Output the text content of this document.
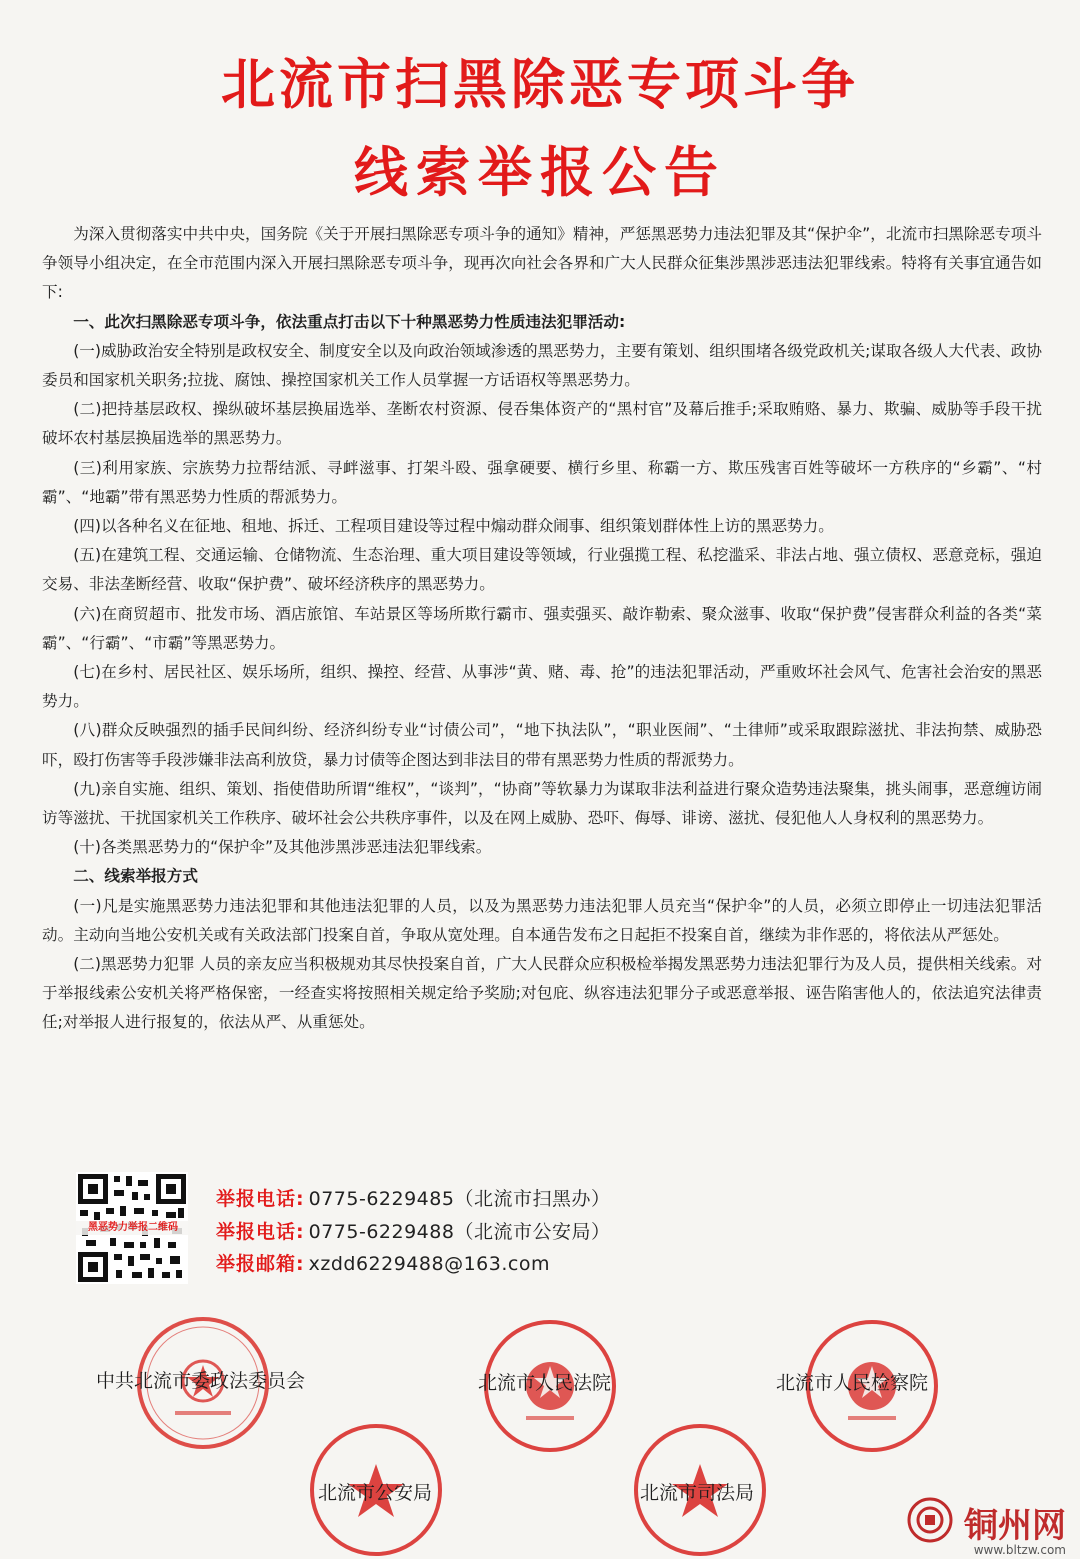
北流市扫黑除恶专项斗争
线索举报公告

为深入贯彻落实中共中央，国务院《关于开展扫黑除恶专项斗争的通知》精神，严惩黑恶势力违法犯罪及其“保护伞”，北流市扫黑除恶专项斗争领导小组决定，在全市范围内深入开展扫黑除恶专项斗争，现再次向社会各界和广大人民群众征集涉黑涉恶违法犯罪线索。特将有关事宜通告如下:

一、此次扫黑除恶专项斗争，依法重点打击以下十种黑恶势力性质违法犯罪活动:

(一)威胁政治安全特别是政权安全、制度安全以及向政治领域渗透的黑恶势力，主要有策划、组织围堵各级党政机关;谋取各级人大代表、政协委员和国家机关职务;拉拢、腐蚀、操控国家机关工作人员掌握一方话语权等黑恶势力。

(二)把持基层政权、操纵破坏基层换届选举、垄断农村资源、侵吞集体资产的“黑村官”及幕后推手;采取贿赂、暴力、欺骗、威胁等手段干扰破坏农村基层换届选举的黑恶势力。

(三)利用家族、宗族势力拉帮结派、寻衅滋事、打架斗殴、强拿硬要、横行乡里、称霸一方、欺压残害百姓等破坏一方秩序的“乡霸”、“村霸”、“地霸”带有黑恶势力性质的帮派势力。

(四)以各种名义在征地、租地、拆迁、工程项目建设等过程中煽动群众闹事、组织策划群体性上访的黑恶势力。

(五)在建筑工程、交通运输、仓储物流、生态治理、重大项目建设等领域，行业强揽工程、私挖滥采、非法占地、强立债权、恶意竞标，强迫交易、非法垄断经营、收取“保护费”、破坏经济秩序的黑恶势力。

(六)在商贸超市、批发市场、酒店旅馆、车站景区等场所欺行霸市、强卖强买、敲诈勒索、聚众滋事、收取“保护费”侵害群众利益的各类“菜霸”、“行霸”、“市霸”等黑恶势力。

(七)在乡村、居民社区、娱乐场所，组织、操控、经营、从事涉“黄、赌、毒、抢”的违法犯罪活动，严重败坏社会风气、危害社会治安的黑恶势力。

(八)群众反映强烈的插手民间纠纷、经济纠纷专业“讨债公司”，“地下执法队”，“职业医闹”、“土律师”或采取跟踪滋扰、非法拘禁、威胁恐吓，殴打伤害等手段涉嫌非法高利放贷，暴力讨债等企图达到非法目的带有黑恶势力性质的帮派势力。

(九)亲自实施、组织、策划、指使借助所谓“维权”，“谈判”，“协商”等软暴力为谋取非法利益进行聚众造势违法聚集，挑头闹事，恶意缠访闹访等滋扰、干扰国家机关工作秩序、破坏社会公共秩序事件，以及在网上威胁、恐吓、侮辱、诽谤、滋扰、侵犯他人人身权利的黑恶势力。

(十)各类黑恶势力的“保护伞”及其他涉黑涉恶违法犯罪线索。

二、线索举报方式

(一)凡是实施黑恶势力违法犯罪和其他违法犯罪的人员，以及为黑恶势力违法犯罪人员充当“保护伞”的人员，必须立即停止一切违法犯罪活动。主动向当地公安机关或有关政法部门投案自首，争取从宽处理。自本通告发布之日起拒不投案自首，继续为非作恶的，将依法从严惩处。

(二)黑恶势力犯罪 人员的亲友应当积极规劝其尽快投案自首，广大人民群众应积极检举揭发黑恶势力违法犯罪行为及人员，提供相关线索。对于举报线索公安机关将严格保密，一经查实将按照相关规定给予奖励;对包庇、纵容违法犯罪分子或恶意举报、诬告陷害他人的，依法追究法律责任;对举报人进行报复的，依法从严、从重惩处。

黑恶势力举报二维码
举报电话: 0775-6229485（北流市扫黑办）
举报电话: 0775-6229488（北流市公安局）
举报邮箱: xzdd6229488@163.com
中共北流市委政法委员会	北流市人民法院	北流市人民检察院
北流市公安局	北流市司法局
铜州网
www.bltzw.com
